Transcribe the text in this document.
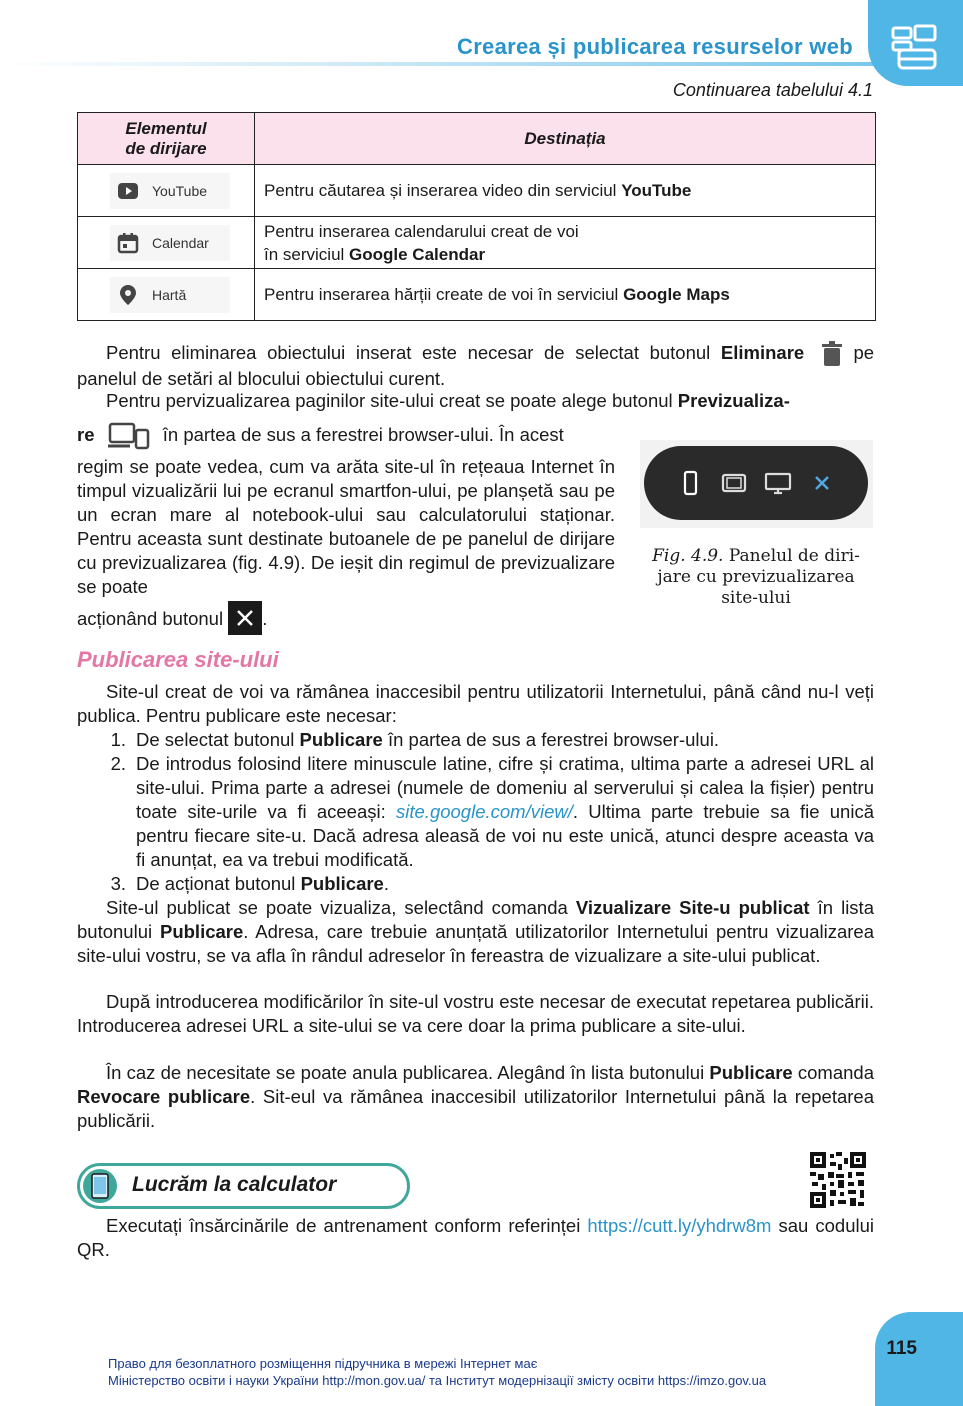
Crearea și publicarea resurselor web
Continuarea tabelului 4.1
Elementul
de dirijare	Destinația

YouTube	Pentru căutarea și inserarea video din serviciul YouTube

Calendar	Pentru inserarea calendarului creat de voi
în serviciul Google Calendar

Hartă	Pentru inserarea hărții create de voi în serviciul Google Maps
Pentru eliminarea obiectului inserat este necesar de selectat butonul Eliminare	pe panelul de setări al blocului obiectului curent.
Pentru pervizualizarea paginilor site-ului creat se poate alege butonul Previzualiza-
re	în partea de sus a ferestrei browser-ului. În acest
regim se poate vedea, cum va arăta site-ul în rețeaua Internet în timpul vizualizării lui pe ecranul smartfon-ului, pe planșetă sau pe un ecran mare al notebook-ului sau calculatorului staționar. Pentru aceasta sunt destinate butoanele de pe panelul de dirijare cu previzualizarea (fig. 4.9). De ieșit din regimul de previzualizare se poate
acționând butonul .
Fig. 4.9. Panelul de diri-
jare cu previzualizarea
site-ului
Publicarea site-ului
Site-ul creat de voi va rămânea inaccesibil pentru utilizatorii Internetului, până când nu-l veți publica. Pentru publicare este necesar:
1. De selectat butonul Publicare în partea de sus a ferestrei browser-ului.
2. De introdus folosind litere minuscule latine, cifre și cratima, ultima parte a adresei URL al site-ului. Prima parte a adresei (numele de domeniu al serverului și calea la fișier) pentru toate site-urile va fi aceeași: site.google.com/view/. Ultima parte trebuie sa fie unică pentru fiecare site-u. Dacă adresa aleasă de voi nu este unică, atunci despre aceasta va fi anunțat, ea va trebui modificată.
3. De acționat butonul Publicare.
Site-ul publicat se poate vizualiza, selectând comanda Vizualizare Site-u publicat în lista butonului Publicare. Adresa, care trebuie anunțată utilizatorilor Internetului pentru vizualizarea site-ului vostru, se va afla în rândul adreselor în fereastra de vizualizare a site-ului publicat.
După introducerea modificărilor în site-ul vostru este necesar de executat repetarea publicării. Introducerea adresei URL a site-ului se va cere doar la prima publicare a site-ului.
În caz de necesitate se poate anula publicarea. Alegând în lista butonului Publicare comanda Revocare publicare. Sit-eul va rămânea inaccesibil utilizatorilor Internetului până la repetarea publicării.
Lucrăm la calculator
Executați însărcinările de antrenament conform referinței https://cutt.ly/yhdrw8m sau codului QR.
115
Право для безоплатного розміщення підручника в мережі Інтернет має
Міністерство освіти і науки України http://mon.gov.ua/ та Інститут модернізації змісту освіти https://imzo.gov.ua
